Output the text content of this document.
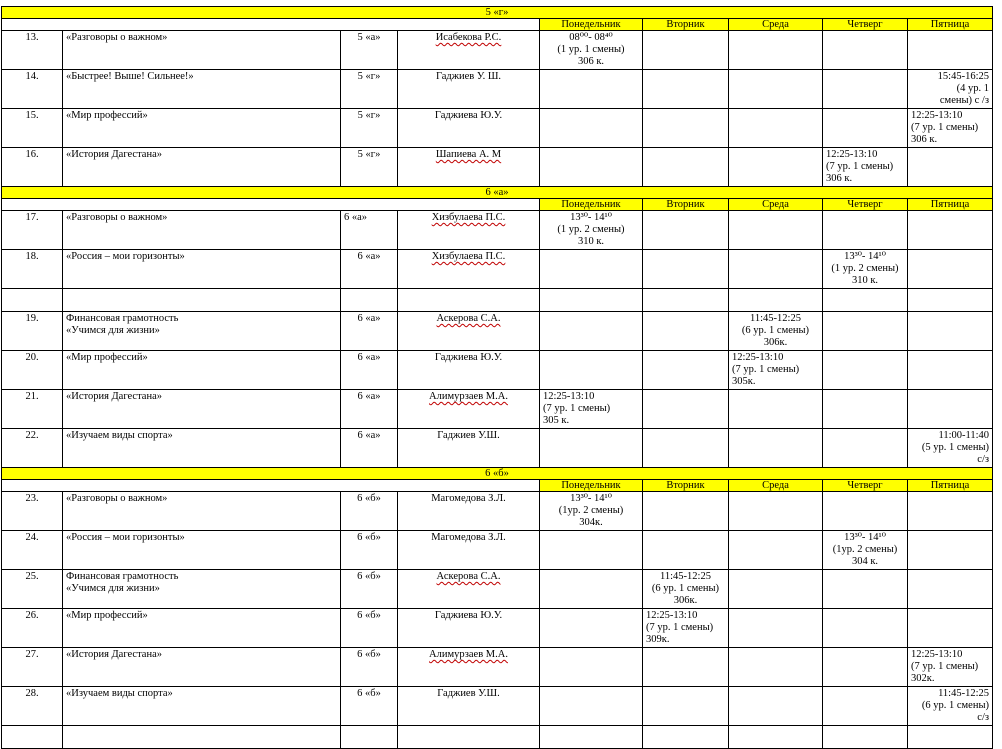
5 «г»								
				Понедельник	Вторник	Среда	Четверг	Пятница
13.	«Разговоры о важном»	5 «а»	Исабекова Р.С.	08⁰⁰- 08⁴⁰
(1 ур. 1 смены)
306 к.				

14.	«Быстрее! Выше! Сильнее!»	5 «г»	Гаджиев У. Ш.					15:45-16:25
(4 ур. 1
смены) с /з

15.	«Мир профессий»	5 «г»	Гаджиева Ю.У.					12:25-13:10
(7 ур. 1 смены)
306 к.

16.	«История Дагестана»	5 «г»	Шапиева А. М				12:25-13:10
(7 ур. 1 смены)
306 к.	

6 «а»								
				Понедельник	Вторник	Среда	Четверг	Пятница
17.	«Разговоры о важном»	6 «а»	Хизбулаева П.С.	13³⁰- 14¹⁰
(1 ур. 2 смены)
310 к.				

18.	«Россия – мои горизонты»	6 «а»	Хизбулаева П.С.				13³⁰- 14¹⁰
(1 ур. 2 смены)
310 к.	

19.	Финансовая грамотность
«Учимся для жизни»	6 «а»	Аскерова С.А.			11:45-12:25
(6 ур. 1 смены)
306к.		

20.	«Мир профессий»	6 «а»	Гаджиева Ю.У.			12:25-13:10
(7 ур. 1 смены)
305к.		

21.	«История Дагестана»	6 «а»	Алимурзаев М.А.	12:25-13:10
(7 ур. 1 смены)
305 к.				

22.	«Изучаем виды спорта»	6 «а»	Гаджиев У.Ш.					11:00-11:40
(5 ур. 1 смены)
с/з

6 «б»								
				Понедельник	Вторник	Среда	Четверг	Пятница
23.	«Разговоры о важном»	6 «б»	Магомедова З.Л.	13³⁰- 14¹⁰
(1ур. 2 смены)
304к.				

24.	«Россия – мои горизонты»	6 «б»	Магомедова З.Л.				13³⁰- 14¹⁰
(1ур. 2 смены)
304 к.	

25.	Финансовая грамотность
«Учимся для жизни»	6 «б»	Аскерова С.А.		11:45-12:25
(6 ур. 1 смены)
306к.			

26.	«Мир профессий»	6 «б»	Гаджиева Ю.У.		12:25-13:10
(7 ур. 1 смены)
309к.			

27.	«История Дагестана»	6 «б»	Алимурзаев М.А.					12:25-13:10
(7 ур. 1 смены)
302к.

28.	«Изучаем виды спорта»	6 «б»	Гаджиев У.Ш.					11:45-12:25
(6 ур. 1 смены)
с/з
